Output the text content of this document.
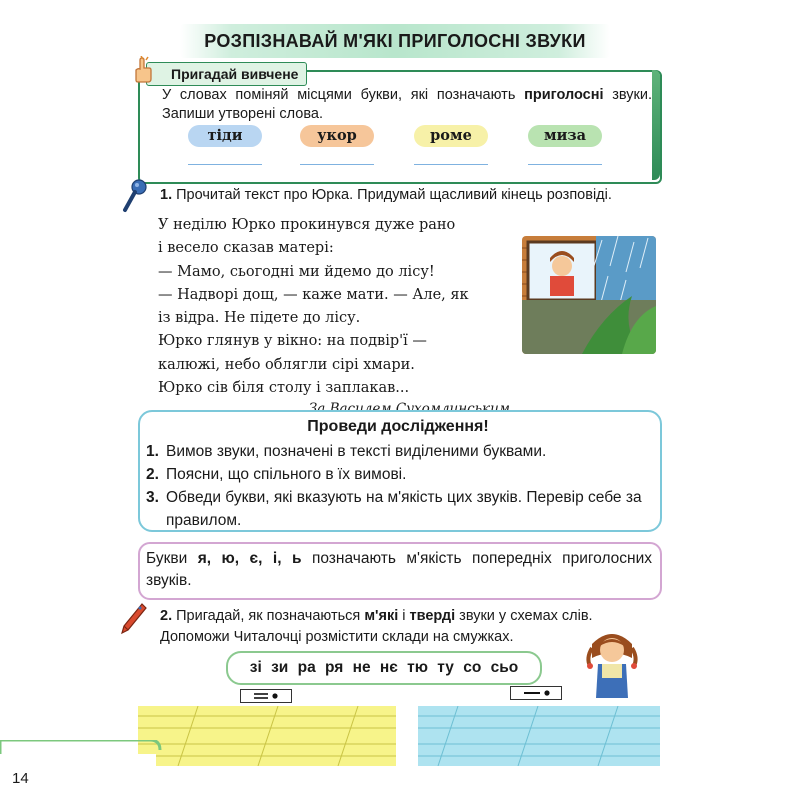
РОЗПІЗНАВАЙ М'ЯКІ ПРИГОЛОСНІ ЗВУКИ
Пригадай вивчене
У словах поміняй місцями букви, які позначають приголосні звуки. Запиши утворені слова.
тіди	укор	роме	миза
1. Прочитай текст про Юрка. Придумай щасливий кінець розповіді.

У неділю Юрко прокинувся дуже рано

і весело сказав матері:

— Мамо, сьогодні ми йдемо до лісу!

— Надворі дощ, — каже мати. — Але, як

із відра. Не підете до лісу.

Юрко глянув у вікно: на подвір'ї —

калюжі, небо облягли сірі хмари.

Юрко сів біля столу і заплакав...

Проведи дослідження!
1. Вимов звуки, позначені в тексті виділеними буквами.
2. Поясни, що спільного в їх вимові.
3. Обведи букви, які вказують на м'якість цих звуків. Перевір себе за правилом.
Букви я, ю, є, і, ь позначають м'якість попередніх приголосних звуків.
2. Пригадай, як позначаються м'які і тверді звуки у схемах слів.
Допоможи Читалочці розмістити склади на смужках.
зі зи ра ря не нє тю ту со сьо
14
